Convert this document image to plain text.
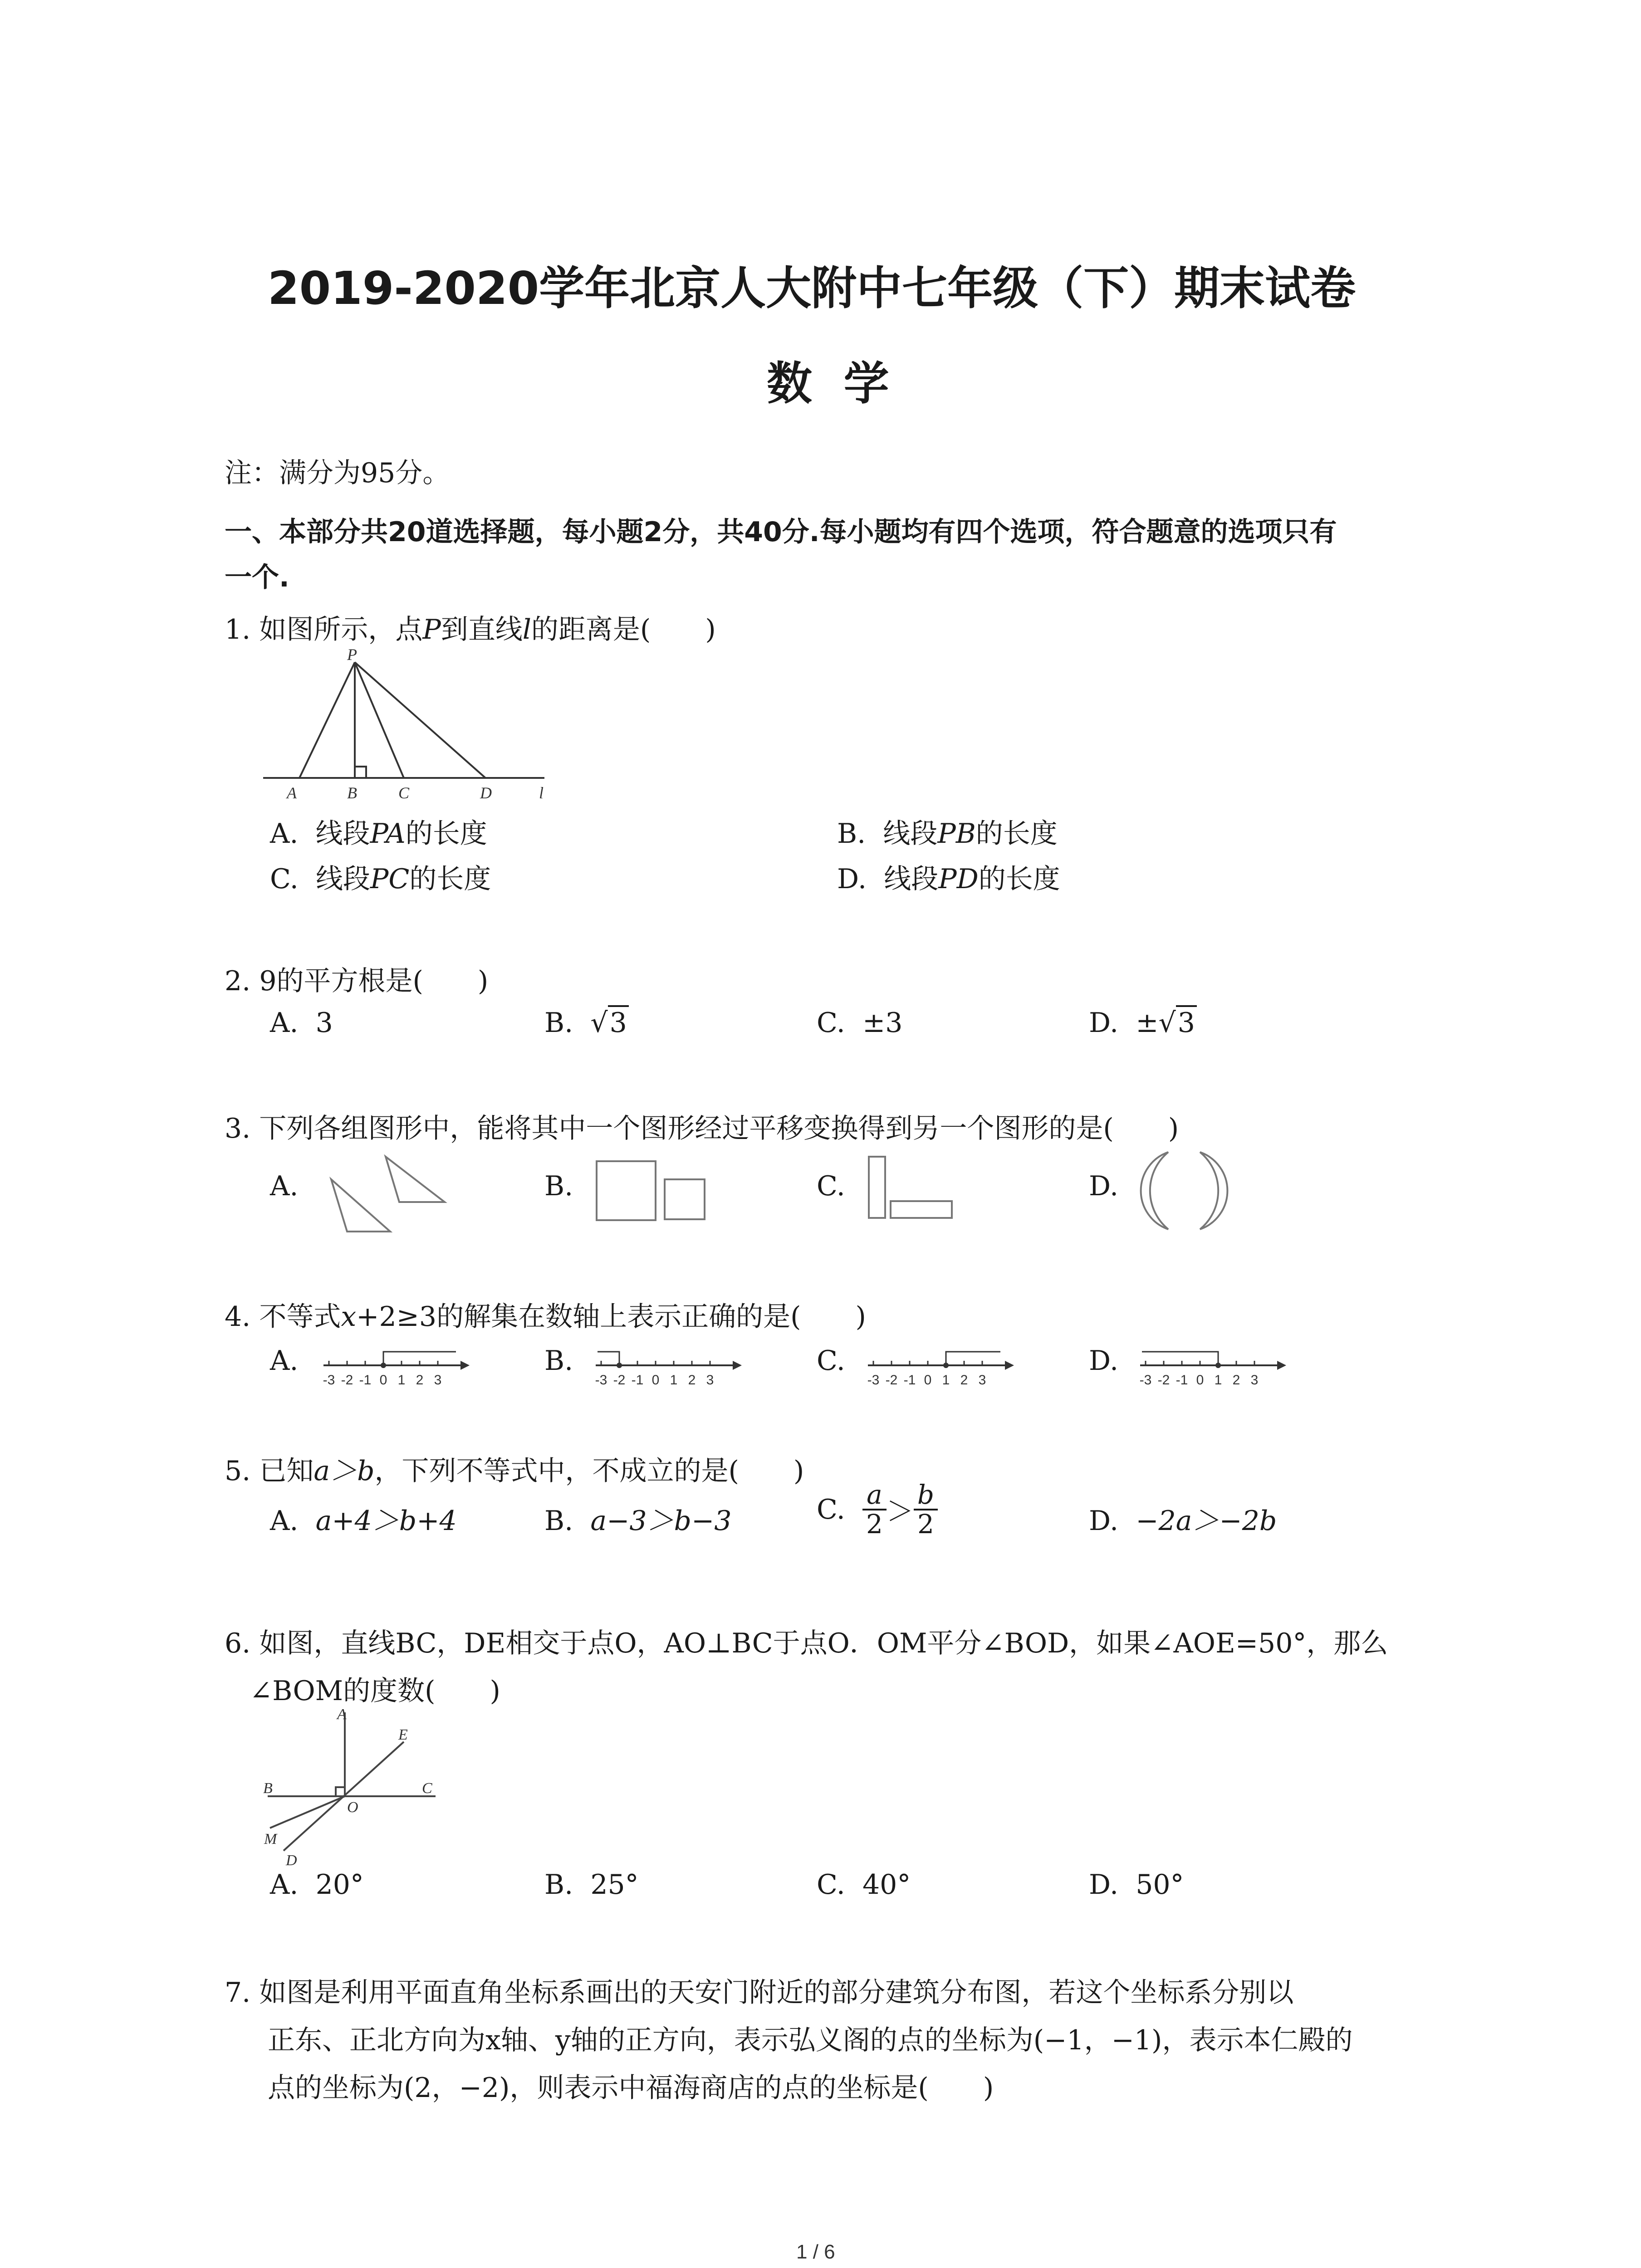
2019-2020学年北京人大附中七年级（下）期末试卷
数  学
注：满分为95分。
一、本部分共20道选择题，每小题2分，共40分.每小题均有四个选项，符合题意的选项只有
一个.
1. 如图所示，点P到直线l的距离是(　　)
P
A	B	C	D	l
A. 线段PA的长度	B. 线段PB的长度
C. 线段PC的长度	D. 线段PD的长度
2. 9的平方根是(　　)
A. 3	B. √3	C. ±3	D. ±√3
3. 下列各组图形中，能将其中一个图形经过平移变换得到另一个图形的是(　　)
A.	B.	C.	D.
4. 不等式x+2≥3的解集在数轴上表示正确的是(　　)
A.
-3 -2 -1 0 1 2 3
B.
-3 -2 -1 0 1 2 3
C.
-3 -2 -1 0 1 2 3
D.
-3 -2 -1 0 1 2 3
5. 已知a＞b，下列不等式中，不成立的是(　　)
A. a+4＞b+4	B. a−3＞b−3	C. $\frac{a}{2} > \frac{b}{2}$	D. −2a＞−2b
6. 如图，直线BC，DE相交于点O，AO⊥BC于点O．OM平分∠BOD，如果∠AOE=50°，那么
∠BOM的度数(　　)
A
E
B	C
O
M
D
A. 20°	B. 25°	C. 40°	D. 50°
7. 如图是利用平面直角坐标系画出的天安门附近的部分建筑分布图，若这个坐标系分别以
正东、正北方向为x轴、y轴的正方向，表示弘义阁的点的坐标为(−1，−1)，表示本仁殿的
点的坐标为(2，−2)，则表示中福海商店的点的坐标是(　　)
1 / 6
